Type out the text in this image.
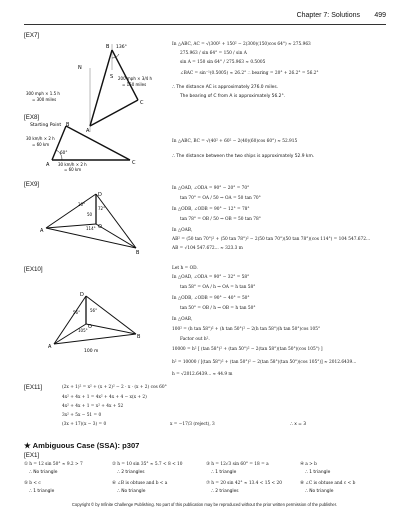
Chapter 7: Solutions 499
[EX7]
136°
N
B
C
A
S
300 mph × 1.5 h
= 300 miles
200 mph × 3/4 h
= 150 miles
Starting Point
In △ABC, AC = √(300² + 150² − 2(300)(150)cos 64°) ≈ 275.963
275.963 / sin 64° = 150 / sin A
sin A = 150 sin 64° / 275.963 ≈ 0.5005
∠BAC = sin⁻¹(0.5005) ≈ 26.2° ∴ bearing = 20° + 26.2° = 56.2°
∴ The distance AC is approximately 276.0 miles.
The bearing of C from A is approximately 56.2°.
[EX8]
60°
30 km/h × 2 h
= 60 km
30 km/h × 2 h
= 60 km
A
B
C
In △ABC, BC = √(40² + 60² − 2(40)(60)cos 60°) ≈ 52.915
∴ The distance between the two ships is approximately 52.9 km.
[EX9]
D
O
A
B
20°
72°
114°
50
In △OAD, ∠ODA = 90° − 20° = 70°
tan 70° = OA / 50 ⇒ OA = 50 tan 70°
In △ODB, ∠ODB = 90° − 12° = 78°
tan 78° = OB / 50 ⇒ OB = 50 tan 78°
In △OAB,
AB² = (50 tan 70°)² + (50 tan 78°)² − 2(50 tan 70°)(50 tan 78°)(cos 114°) = 104 547.672...
AB = √104 547.672... ≈ 323.3 m
[EX10]
D
O
A
B
56° 56°
105°
100 m
Let h = OD.
In △OAD, ∠ODA = 90° − 32° = 58°
tan 58° = OA / h ⇒ OA = h tan 58°
In △ODB, ∠ODB = 90° − 40° = 50°
tan 50° = OB / h ⇒ OB = h tan 50°
In △OAB,
100² = (h tan 58°)² + (h tan 50°)² − 2(h tan 58°)(h tan 50°)cos 105°
Factor out h².
10000 = h² [ (tan 58°)² + (tan 50°)² − 2(tan 58°)(tan 50°)(cos 105°) ]
h² = 10000 / [(tan 58°)² + (tan 50°)² − 2(tan 58°)(tan 50°)(cos 105°)] ≈ 2012.6439...
h = √2012.6439... ≈ 44.9 m
[EX11]	(2x + 1)² = x² + (x + 2)² − 2 · x · (x + 2) cos 60°
4x² + 4x + 1 = 4x² + 4x + 4 − x(x + 2)
4x² + 4x + 1 = x² + 4x + 52
3x² + 5x − 51 = 0
(3x + 17)(x − 3) = 0	x = −17/3 (reject), 3	∴ x = 3
★ Ambiguous Case (SSA): p307
[EX1]
① h = 12 sin 50° ≈ 9.2 > 7
∴ No triangle
② h = 10 sin 35° ≈ 5.7 < 8 < 10
∴ 2 triangles
③ h = 12√3 sin 60° = 18 = a
∴ 1 triangle
④ a > b
∴ 1 triangle
⑤ b < c
∴ 1 triangle
⑥ ∠B is obtuse and b < a
∴ No triangle
⑦ h = 20 sin 42° ≈ 13.4 < 15 < 20
∴ 2 triangles
⑧ ∠C is obtuse and c < b
∴ No triangle
Copyright © by Infinite Challenge Publishing. No part of this publication may be reproduced without the prior written permission of the publisher.
